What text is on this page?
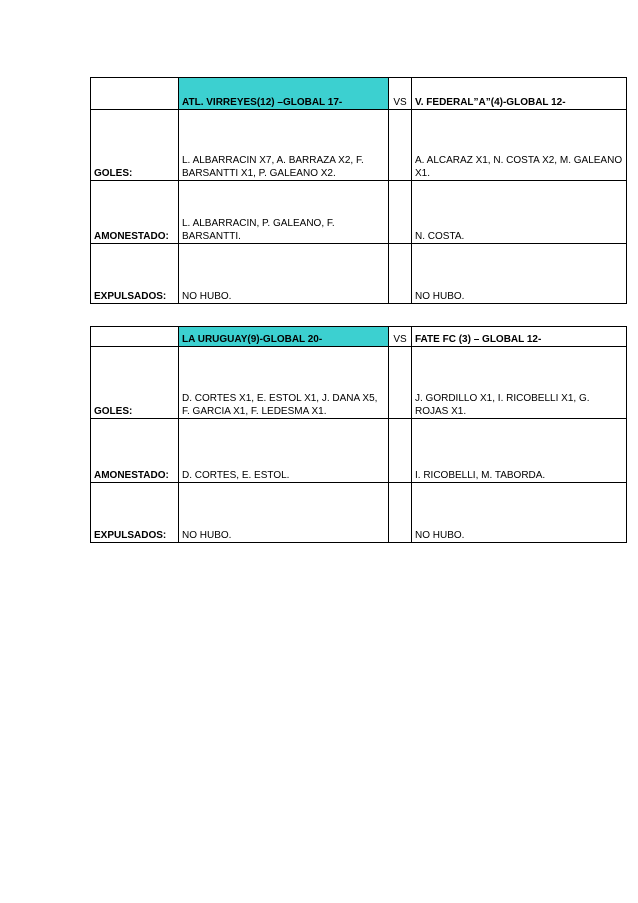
	ATL. VIRREYES(12) –GLOBAL 17-	VS	V. FEDERAL”A”(4)-GLOBAL 12-
GOLES:	L. ALBARRACIN X7, A. BARRAZA X2, F. BARSANTTI X1, P. GALEANO X2.		A. ALCARAZ X1, N. COSTA X2, M. GALEANO X1.
AMONESTADO:	L. ALBARRACIN, P. GALEANO, F. BARSANTTI.		N. COSTA.
EXPULSADOS:	NO HUBO.		NO HUBO.
	LA URUGUAY(9)-GLOBAL 20-	VS	FATE FC (3) – GLOBAL 12-
GOLES:	D. CORTES X1, E. ESTOL X1, J. DANA X5, F. GARCIA X1, F. LEDESMA X1.		J. GORDILLO X1, I. RICOBELLI X1, G. ROJAS X1.
AMONESTADO:	D. CORTES, E. ESTOL.		I. RICOBELLI, M. TABORDA.
EXPULSADOS:	NO HUBO.		NO HUBO.
